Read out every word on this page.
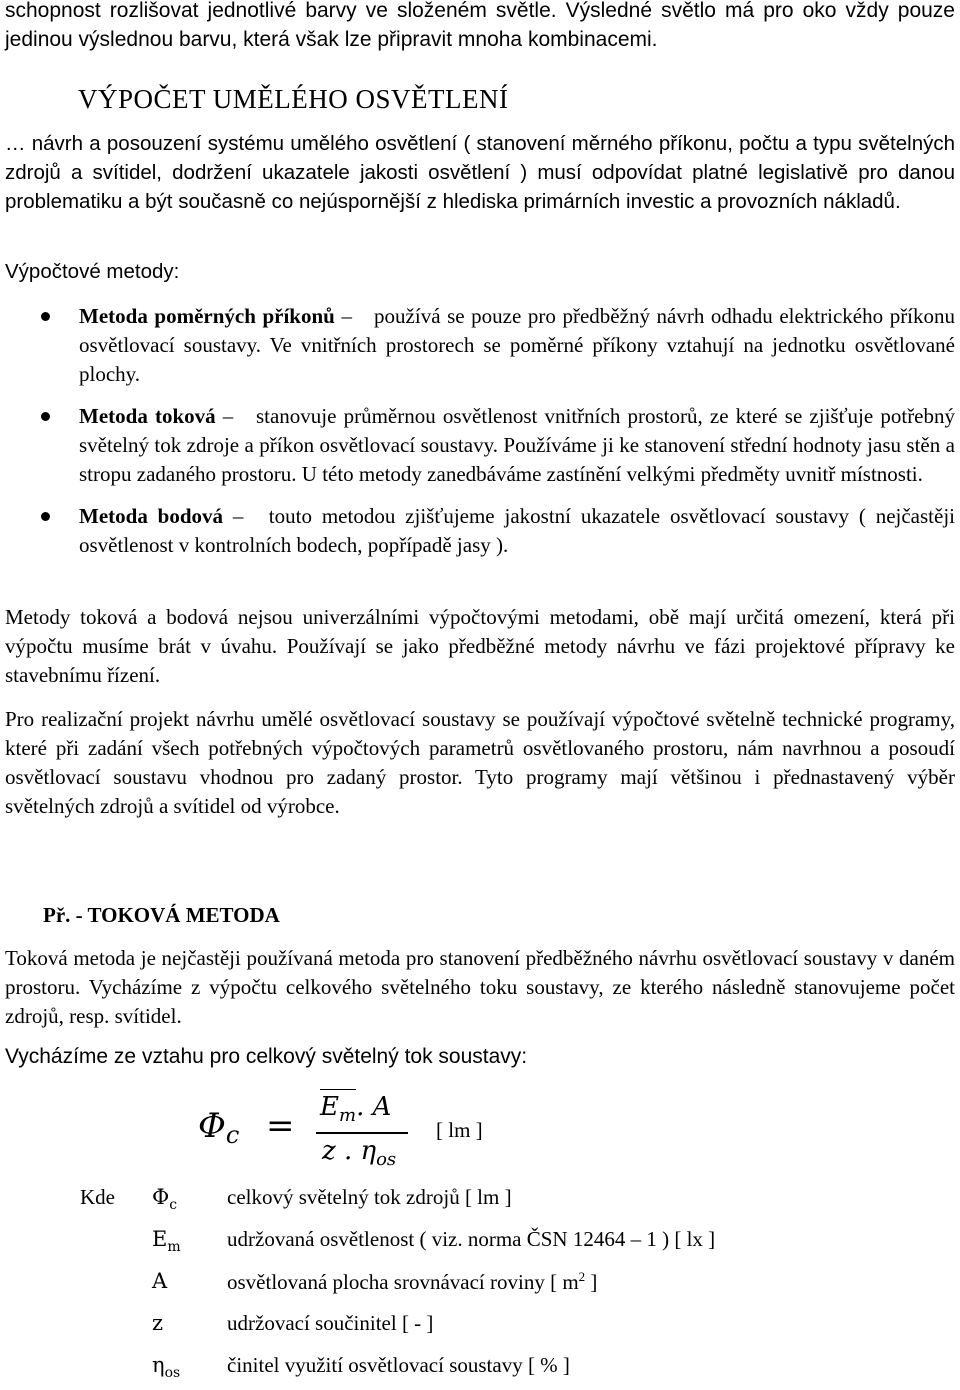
schopnost rozlišovat jednotlivé barvy ve složeném světle. Výsledné světlo má pro oko vždy pouze jedinou výslednou barvu, která však lze připravit mnoha kombinacemi.

VÝPOČET UMĚLÉHO OSVĚTLENÍ

… návrh a posouzení systému umělého osvětlení ( stanovení měrného příkonu, počtu a typu světelných zdrojů a svítidel, dodržení ukazatele jakosti osvětlení ) musí odpovídat platné legislativě pro danou problematiku a být současně co nejúspornější z hlediska primárních investic a provozních nákladů.

Výpočtové metody:

Metoda poměrných příkonů – používá se pouze pro předběžný návrh odhadu elektrického příkonu osvětlovací soustavy. Ve vnitřních prostorech se poměrné příkony vztahují na jednotku osvětlované plochy.
Metoda toková – stanovuje průměrnou osvětlenost vnitřních prostorů, ze které se zjišťuje potřebný světelný tok zdroje a příkon osvětlovací soustavy. Používáme ji ke stanovení střední hodnoty jasu stěn a stropu zadaného prostoru. U této metody zanedbáváme zastínění velkými předměty uvnitř místnosti.
Metoda bodová – touto metodou zjišťujeme jakostní ukazatele osvětlovací soustavy ( nejčastěji osvětlenost v kontrolních bodech, popřípadě jasy ).

Metody toková a bodová nejsou univerzálními výpočtovými metodami, obě mají určitá omezení, která při výpočtu musíme brát v úvahu. Používají se jako předběžné metody návrhu ve fázi projektové přípravy ke stavebnímu řízení.

Pro realizační projekt návrhu umělé osvětlovací soustavy se používají výpočtové světelně technické programy, které při zadání všech potřebných výpočtových parametrů osvětlovaného prostoru, nám navrhnou a posoudí osvětlovací soustavu vhodnou pro zadaný prostor. Tyto programy mají většinou i přednastavený výběr světelných zdrojů a svítidel od výrobce.

Př. - TOKOVÁ METODA

Toková metoda je nejčastěji používaná metoda pro stanovení předběžného návrhu osvětlovací soustavy v daném prostoru. Vycházíme z výpočtu celkového světelného toku soustavy, ze kterého následně stanovujeme počet zdrojů, resp. svítidel.

Vycházíme ze vztahu pro celkový světelný tok soustavy:

$\Phi_c = E_m$. A
z . $\eta_{os}$
[ lm ]
Kde $\Phi_c$ celkový světelný tok zdrojů [ lm ]
$E_m$ udržovaná osvětlenost ( viz. norma ČSN 12464 – 1 ) [ lx ]
A	osvětlovaná plocha srovnávací roviny [ $m^2$ ]
z	udržovací součinitel [ - ]
$\eta_{os}$ činitel využití osvětlovací soustavy [ % ]
